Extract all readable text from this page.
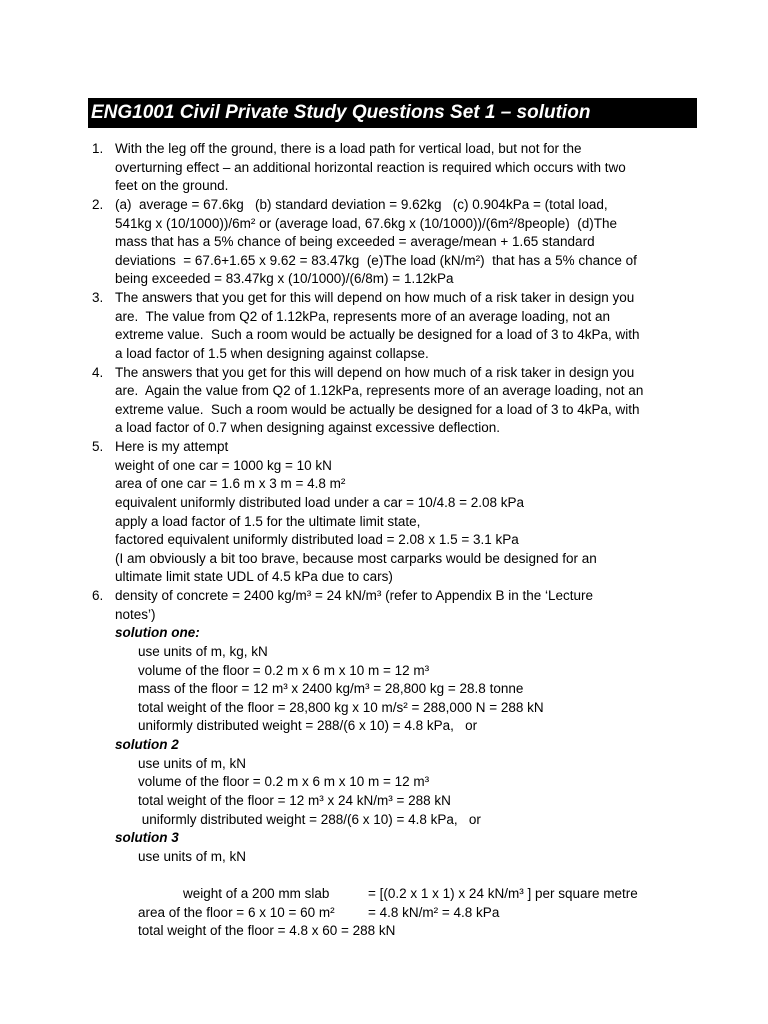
ENG1001 Civil Private Study Questions Set 1 – solution
1. With the leg off the ground, there is a load path for vertical load, but not for the
overturning effect – an additional horizontal reaction is required which occurs with two
feet on the ground.
2. (a)  average = 67.6kg   (b) standard deviation = 9.62kg   (c) 0.904kPa = (total load,
541kg x (10/1000))/6m² or (average load, 67.6kg x (10/1000))/(6m²/8people)  (d)The
mass that has a 5% chance of being exceeded = average/mean + 1.65 standard
deviations  = 67.6+1.65 x 9.62 = 83.47kg  (e)The load (kN/m²)  that has a 5% chance of
being exceeded = 83.47kg x (10/1000)/(6/8m) = 1.12kPa
3. The answers that you get for this will depend on how much of a risk taker in design you
are.  The value from Q2 of 1.12kPa, represents more of an average loading, not an
extreme value.  Such a room would be actually be designed for a load of 3 to 4kPa, with
a load factor of 1.5 when designing against collapse.
4. The answers that you get for this will depend on how much of a risk taker in design you
are.  Again the value from Q2 of 1.12kPa, represents more of an average loading, not an
extreme value.  Such a room would be actually be designed for a load of 3 to 4kPa, with
a load factor of 0.7 when designing against excessive deflection.
5. Here is my attempt
weight of one car = 1000 kg = 10 kN
area of one car = 1.6 m x 3 m = 4.8 m²
equivalent uniformly distributed load under a car = 10/4.8 = 2.08 kPa
apply a load factor of 1.5 for the ultimate limit state,
factored equivalent uniformly distributed load = 2.08 x 1.5 = 3.1 kPa
(I am obviously a bit too brave, because most carparks would be designed for an
ultimate limit state UDL of 4.5 kPa due to cars)
6. density of concrete = 2400 kg/m³ = 24 kN/m³ (refer to Appendix B in the ‘Lecture
notes’)
solution one:
use units of m, kg, kN
volume of the floor = 0.2 m x 6 m x 10 m = 12 m³
mass of the floor = 12 m³ x 2400 kg/m³ = 28,800 kg = 28.8 tonne
total weight of the floor = 28,800 kg x 10 m/s² = 288,000 N = 288 kN
uniformly distributed weight = 288/(6 x 10) = 4.8 kPa,   or
solution 2
use units of m, kN
volume of the floor = 0.2 m x 6 m x 10 m = 12 m³
total weight of the floor = 12 m³ x 24 kN/m³ = 288 kN
uniformly distributed weight = 288/(6 x 10) = 4.8 kPa,   or
solution 3
use units of m, kN

weight of a 200 mm slab	= [(0.2 x 1 x 1) x 24 kN/m³ ] per square metre

= 4.8 kN/m² = 4.8 kPa

area of the floor = 6 x 10 = 60 m²
total weight of the floor = 4.8 x 60 = 288 kN
